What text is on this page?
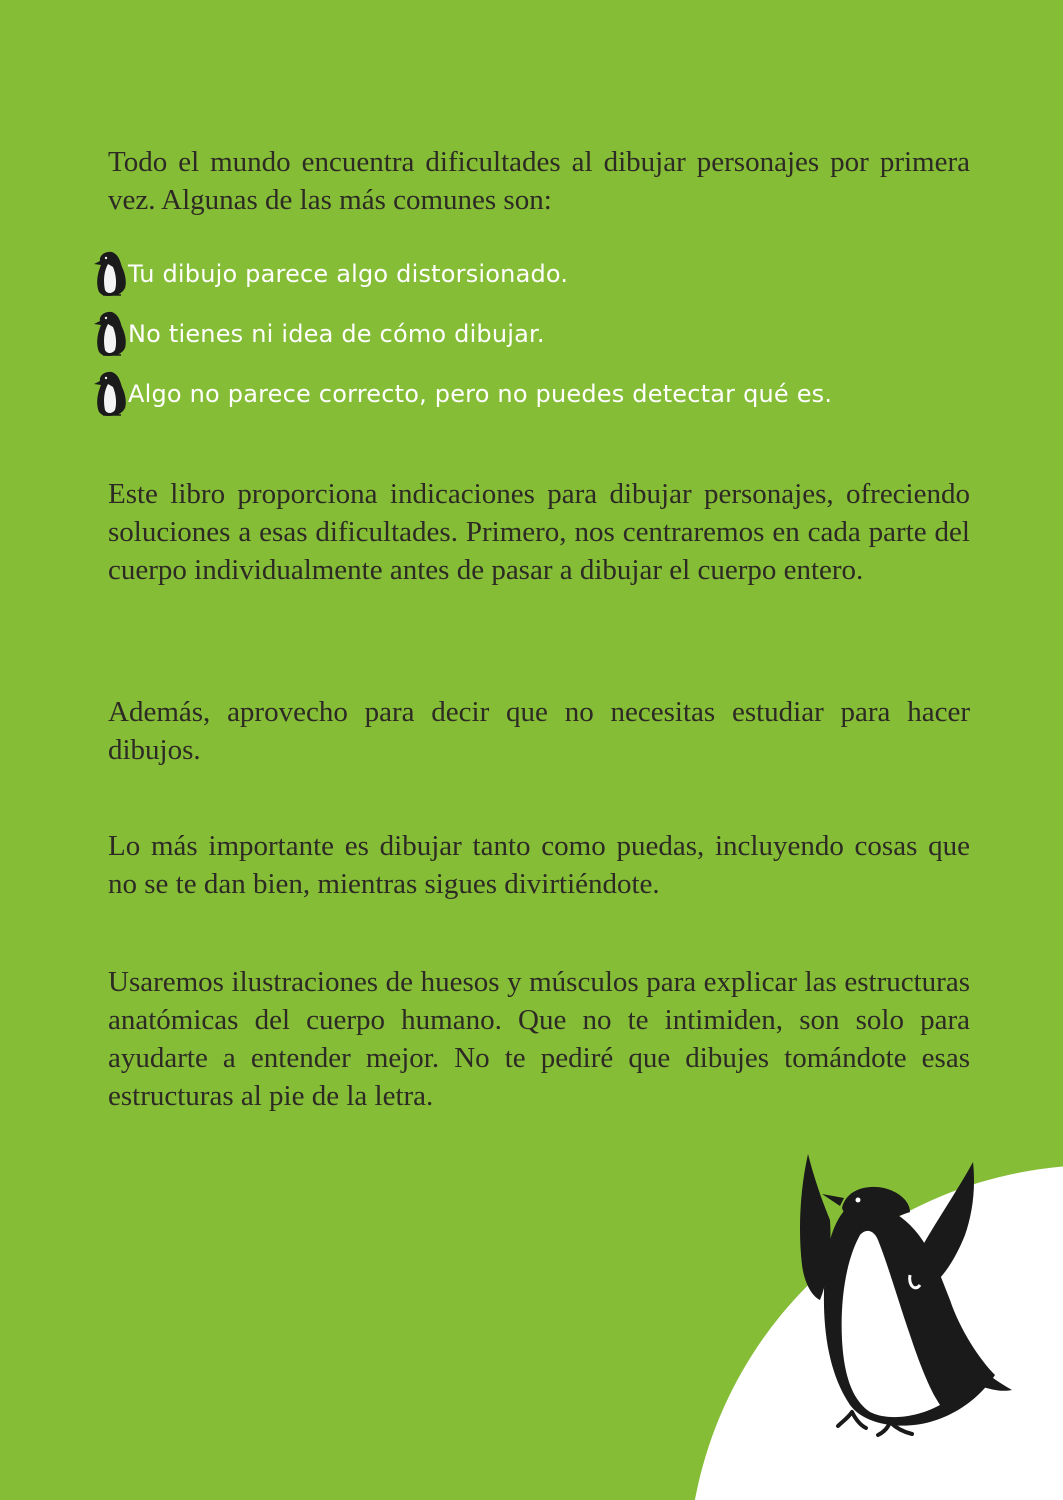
Todo el mundo encuentra dificultades al dibujar personajes por primera vez. Algunas de las más comunes son:

Tu dibujo parece algo distorsionado.
No tienes ni idea de cómo dibujar.
Algo no parece correcto, pero no puedes detectar qué es.

Este libro proporciona indicaciones para dibujar personajes, ofreciendo soluciones a esas dificultades. Primero, nos centraremos en cada parte del cuerpo individualmente antes de pasar a dibujar el cuerpo entero.

Además, aprovecho para decir que no necesitas estudiar para hacer dibujos.

Lo más importante es dibujar tanto como puedas, incluyendo cosas que no se te dan bien, mientras sigues divirtiéndote.

Usaremos ilustraciones de huesos y músculos para explicar las estructuras anatómicas del cuerpo humano. Que no te intimiden, son solo para ayudarte a entender mejor. No te pediré que dibujes tomándote esas estructuras al pie de la letra.
